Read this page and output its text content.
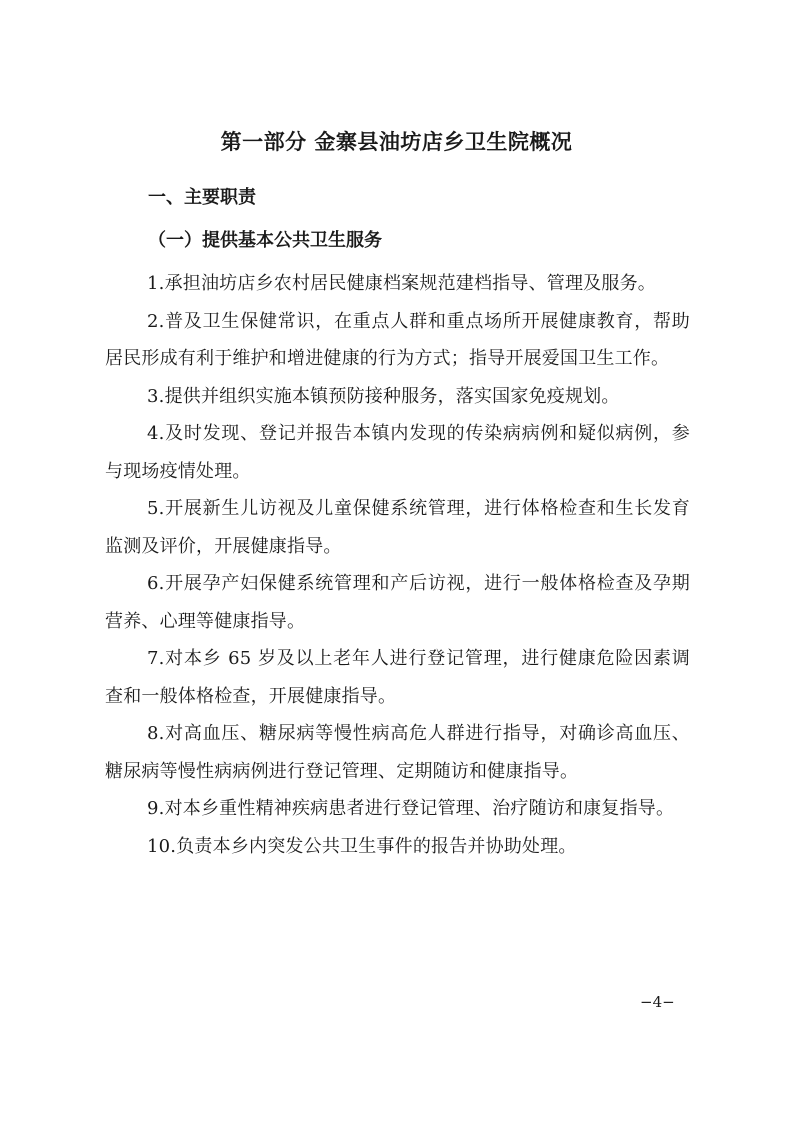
第一部分 金寨县油坊店乡卫生院概况
一、主要职责
（一）提供基本公共卫生服务

1.承担油坊店乡农村居民健康档案规范建档指导、管理及服务。

2.普及卫生保健常识，在重点人群和重点场所开展健康教育，帮助居民形成有利于维护和增进健康的行为方式；指导开展爱国卫生工作。

3.提供并组织实施本镇预防接种服务，落实国家免疫规划。

4.及时发现、登记并报告本镇内发现的传染病病例和疑似病例，参与现场疫情处理。

5.开展新生儿访视及儿童保健系统管理，进行体格检查和生长发育监测及评价，开展健康指导。

6.开展孕产妇保健系统管理和产后访视，进行一般体格检查及孕期营养、心理等健康指导。

7.对本乡 65 岁及以上老年人进行登记管理，进行健康危险因素调查和一般体格检查，开展健康指导。

8.对高血压、糖尿病等慢性病高危人群进行指导，对确诊高血压、糖尿病等慢性病病例进行登记管理、定期随访和健康指导。

9.对本乡重性精神疾病患者进行登记管理、治疗随访和康复指导。

10.负责本乡内突发公共卫生事件的报告并协助处理。

−4−
